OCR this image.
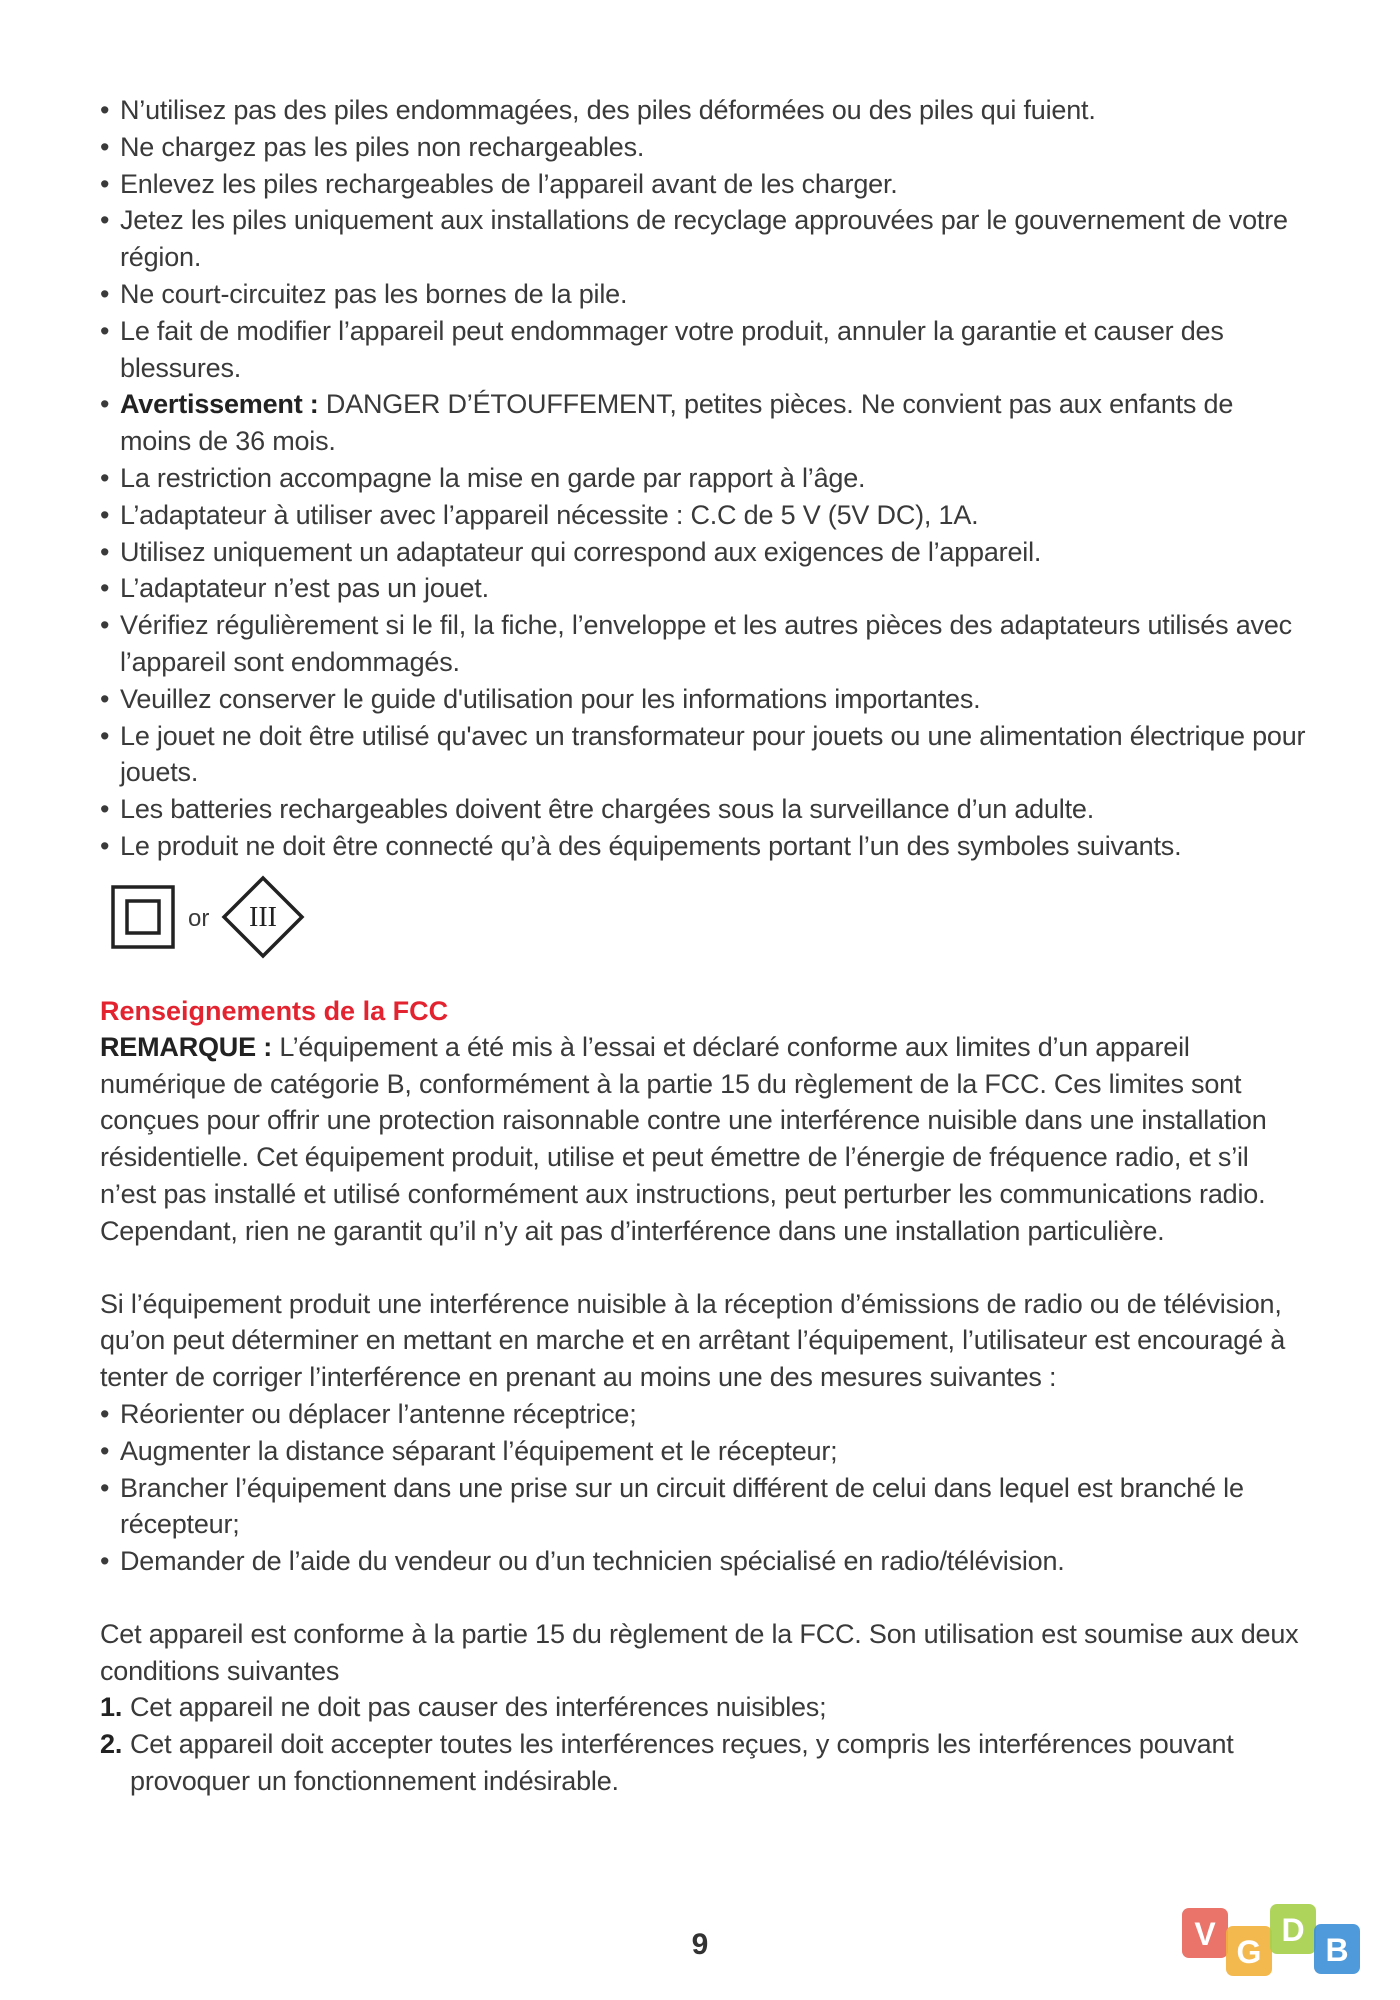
• N’utilisez pas des piles endommagées, des piles déformées ou des piles qui fuient.
• Ne chargez pas les piles non rechargeables.
• Enlevez les piles rechargeables de l’appareil avant de les charger.
• Jetez les piles uniquement aux installations de recyclage approuvées par le gouvernement de votre région.
• Ne court-circuitez pas les bornes de la pile.
• Le fait de modifier l’appareil peut endommager votre produit, annuler la garantie et causer des blessures.
• Avertissement : DANGER D’ÉTOUFFEMENT, petites pièces. Ne convient pas aux enfants de moins de 36 mois.
• La restriction accompagne la mise en garde par rapport à l’âge.
• L’adaptateur à utiliser avec l’appareil nécessite : C.C de 5 V (5V DC), 1A.
• Utilisez uniquement un adaptateur qui correspond aux exigences de l’appareil.
• L’adaptateur n’est pas un jouet.
• Vérifiez régulièrement si le fil, la fiche, l’enveloppe et les autres pièces des adaptateurs utilisés avec l’appareil sont endommagés.
• Veuillez conserver le guide d'utilisation pour les informations importantes.
• Le jouet ne doit être utilisé qu'avec un transformateur pour jouets ou une alimentation électrique pour jouets.
• Les batteries rechargeables doivent être chargées sous la surveillance d’un adulte.
• Le produit ne doit être connecté qu’à des équipements portant l’un des symboles suivants.
or III
Renseignements de la FCC

REMARQUE : L’équipement a été mis à l’essai et déclaré conforme aux limites d’un appareil numérique de catégorie B, conformément à la partie 15 du règlement de la FCC. Ces limites sont conçues pour offrir une protection raisonnable contre une interférence nuisible dans une installation résidentielle. Cet équipement produit, utilise et peut émettre de l’énergie de fréquence radio, et s’il n’est pas installé et utilisé conformément aux instructions, peut perturber les communications radio. Cependant, rien ne garantit qu’il n’y ait pas d’interférence dans une installation particulière.

Si l’équipement produit une interférence nuisible à la réception d’émissions de radio ou de télévision, qu’on peut déterminer en mettant en marche et en arrêtant l’équipement, l’utilisateur est encouragé à tenter de corriger l’interférence en prenant au moins une des mesures suivantes :

• Réorienter ou déplacer l’antenne réceptrice;
• Augmenter la distance séparant l’équipement et le récepteur;
• Brancher l’équipement dans une prise sur un circuit différent de celui dans lequel est branché le récepteur;
• Demander de l’aide du vendeur ou d’un technicien spécialisé en radio/télévision.

Cet appareil est conforme à la partie 15 du règlement de la FCC. Son utilisation est soumise aux deux conditions suivantes

1. Cet appareil ne doit pas causer des interférences nuisibles;
2. Cet appareil doit accepter toutes les interférences reçues, y compris les interférences pouvant provoquer un fonctionnement indésirable.
9	V G
D
B
